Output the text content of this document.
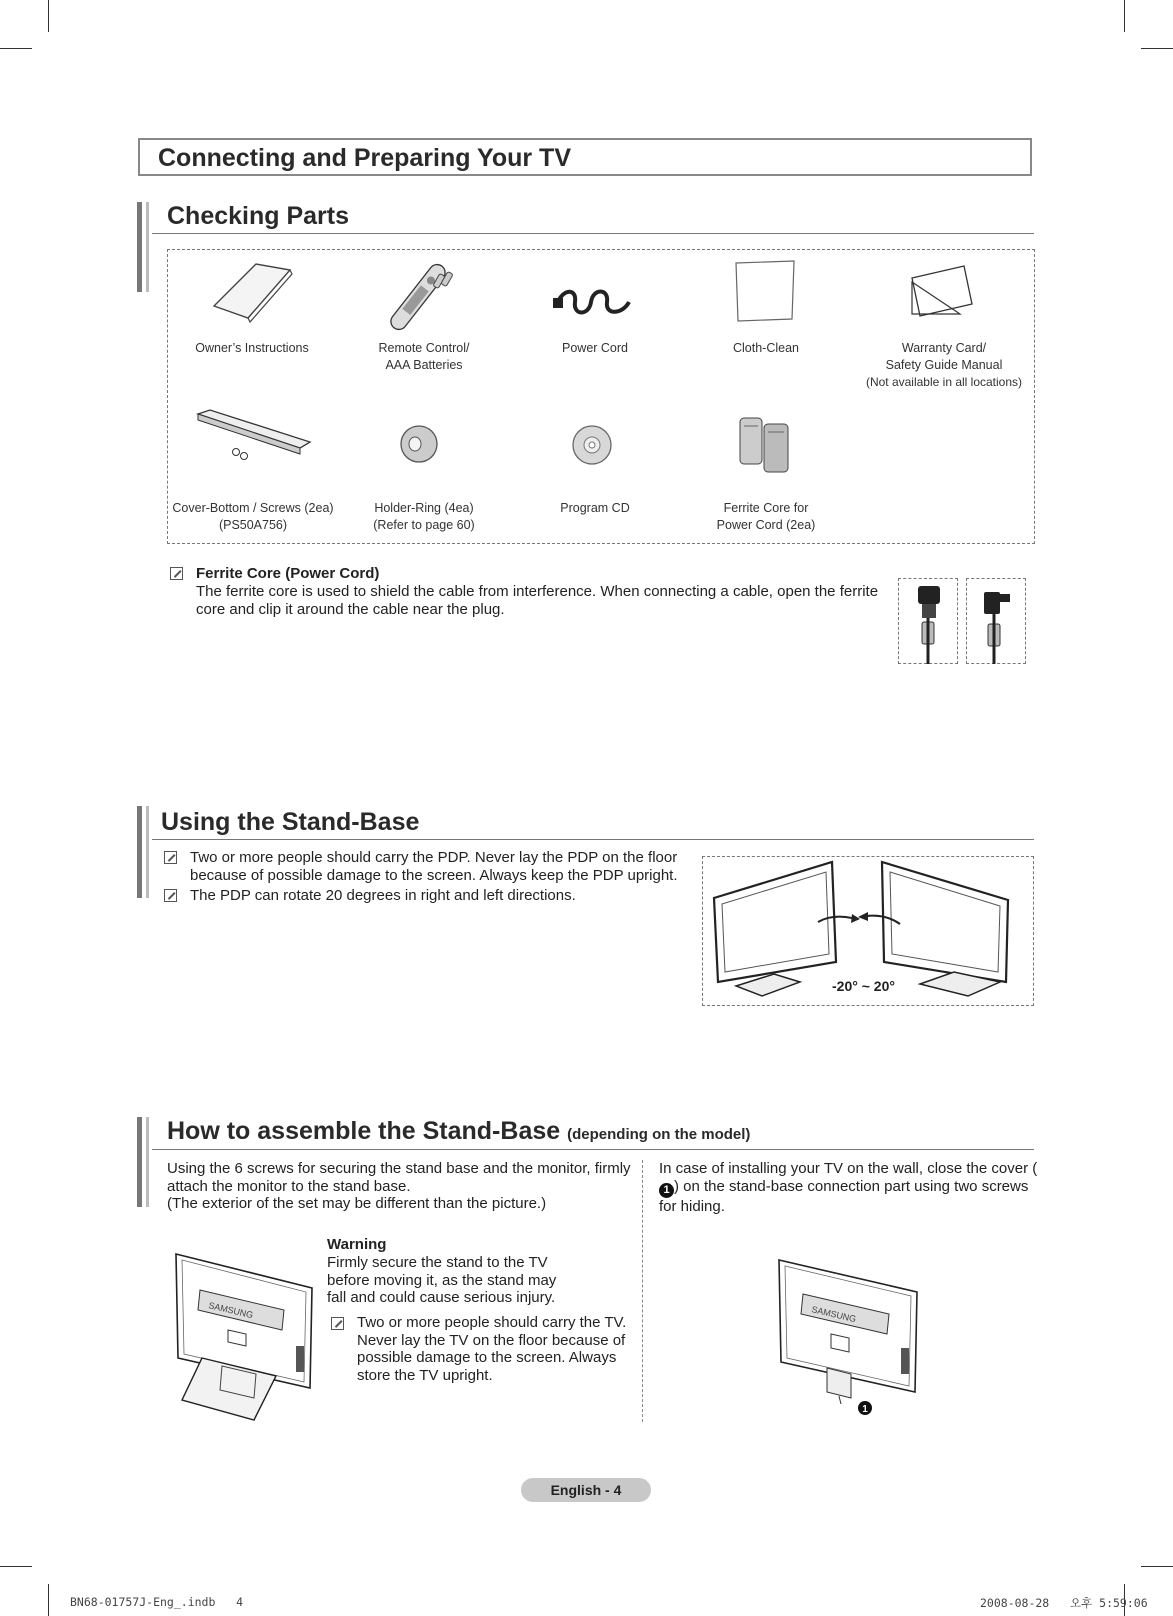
Connecting and Preparing Your TV
Checking Parts
Owner’s Instructions	Remote Control/
AAA Batteries
Power Cord	Cloth-Clean	Warranty Card/
Safety Guide Manual
(Not available in all locations)
Cover-Bottom / Screws (2ea)
(PS50A756)
Holder-Ring (4ea)
(Refer to page 60)
Program CD	Ferrite Core for
Power Cord (2ea)
Ferrite Core (Power Cord)
The ferrite core is used to shield the cable from interference. When connecting a cable, open the ferrite core and clip it around the cable near the plug.
Using the Stand-Base
Two or more people should carry the PDP. Never lay the PDP on the floor because of possible damage to the screen. Always keep the PDP upright.
The PDP can rotate 20 degrees in right and left directions.
-20° ~ 20°
How to assemble the Stand-Base (depending on the model)
Using the 6 screws for securing the stand base and the monitor, firmly attach the monitor to the stand base.
(The exterior of the set may be different than the picture.)
Warning
Firmly secure the stand to the TV before moving it, as the stand may fall and could cause serious injury.
Two or more people should carry the TV. Never lay the TV on the floor because of possible damage to the screen. Always store the TV upright.
SAMSUNG
In case of installing your TV on the wall, close the cover (1 ) on the stand-base connection part using two screws for hiding.
SAMSUNG
1
English - 4
BN68-01757J-Eng_.indb   4	2008-08-28   오후 5:59:06
